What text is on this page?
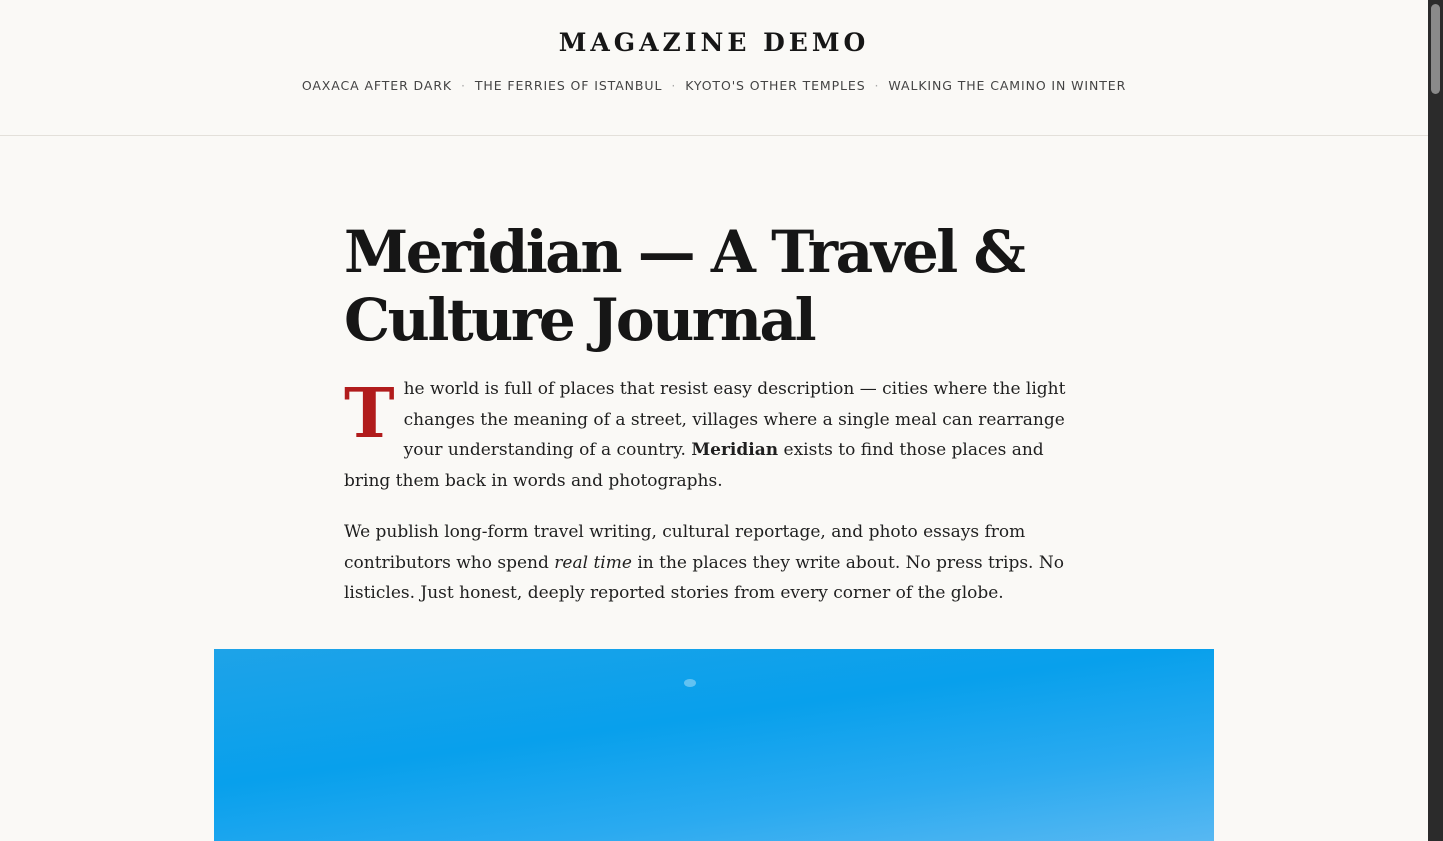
MAGAZINE DEMO
OAXACA AFTER DARK · THE FERRIES OF ISTANBUL · KYOTO'S OTHER TEMPLES · WALKING THE CAMINO IN WINTER
Meridian — A Travel & Culture Journal

The world is full of places that resist easy description — cities where the light changes the meaning of a street, villages where a single meal can rearrange your understanding of a country. Meridian exists to find those places and bring them back in words and photographs.

We publish long-form travel writing, cultural reportage, and photo essays from contributors who spend real time in the places they write about. No press trips. No listicles. Just honest, deeply reported stories from every corner of the globe.
